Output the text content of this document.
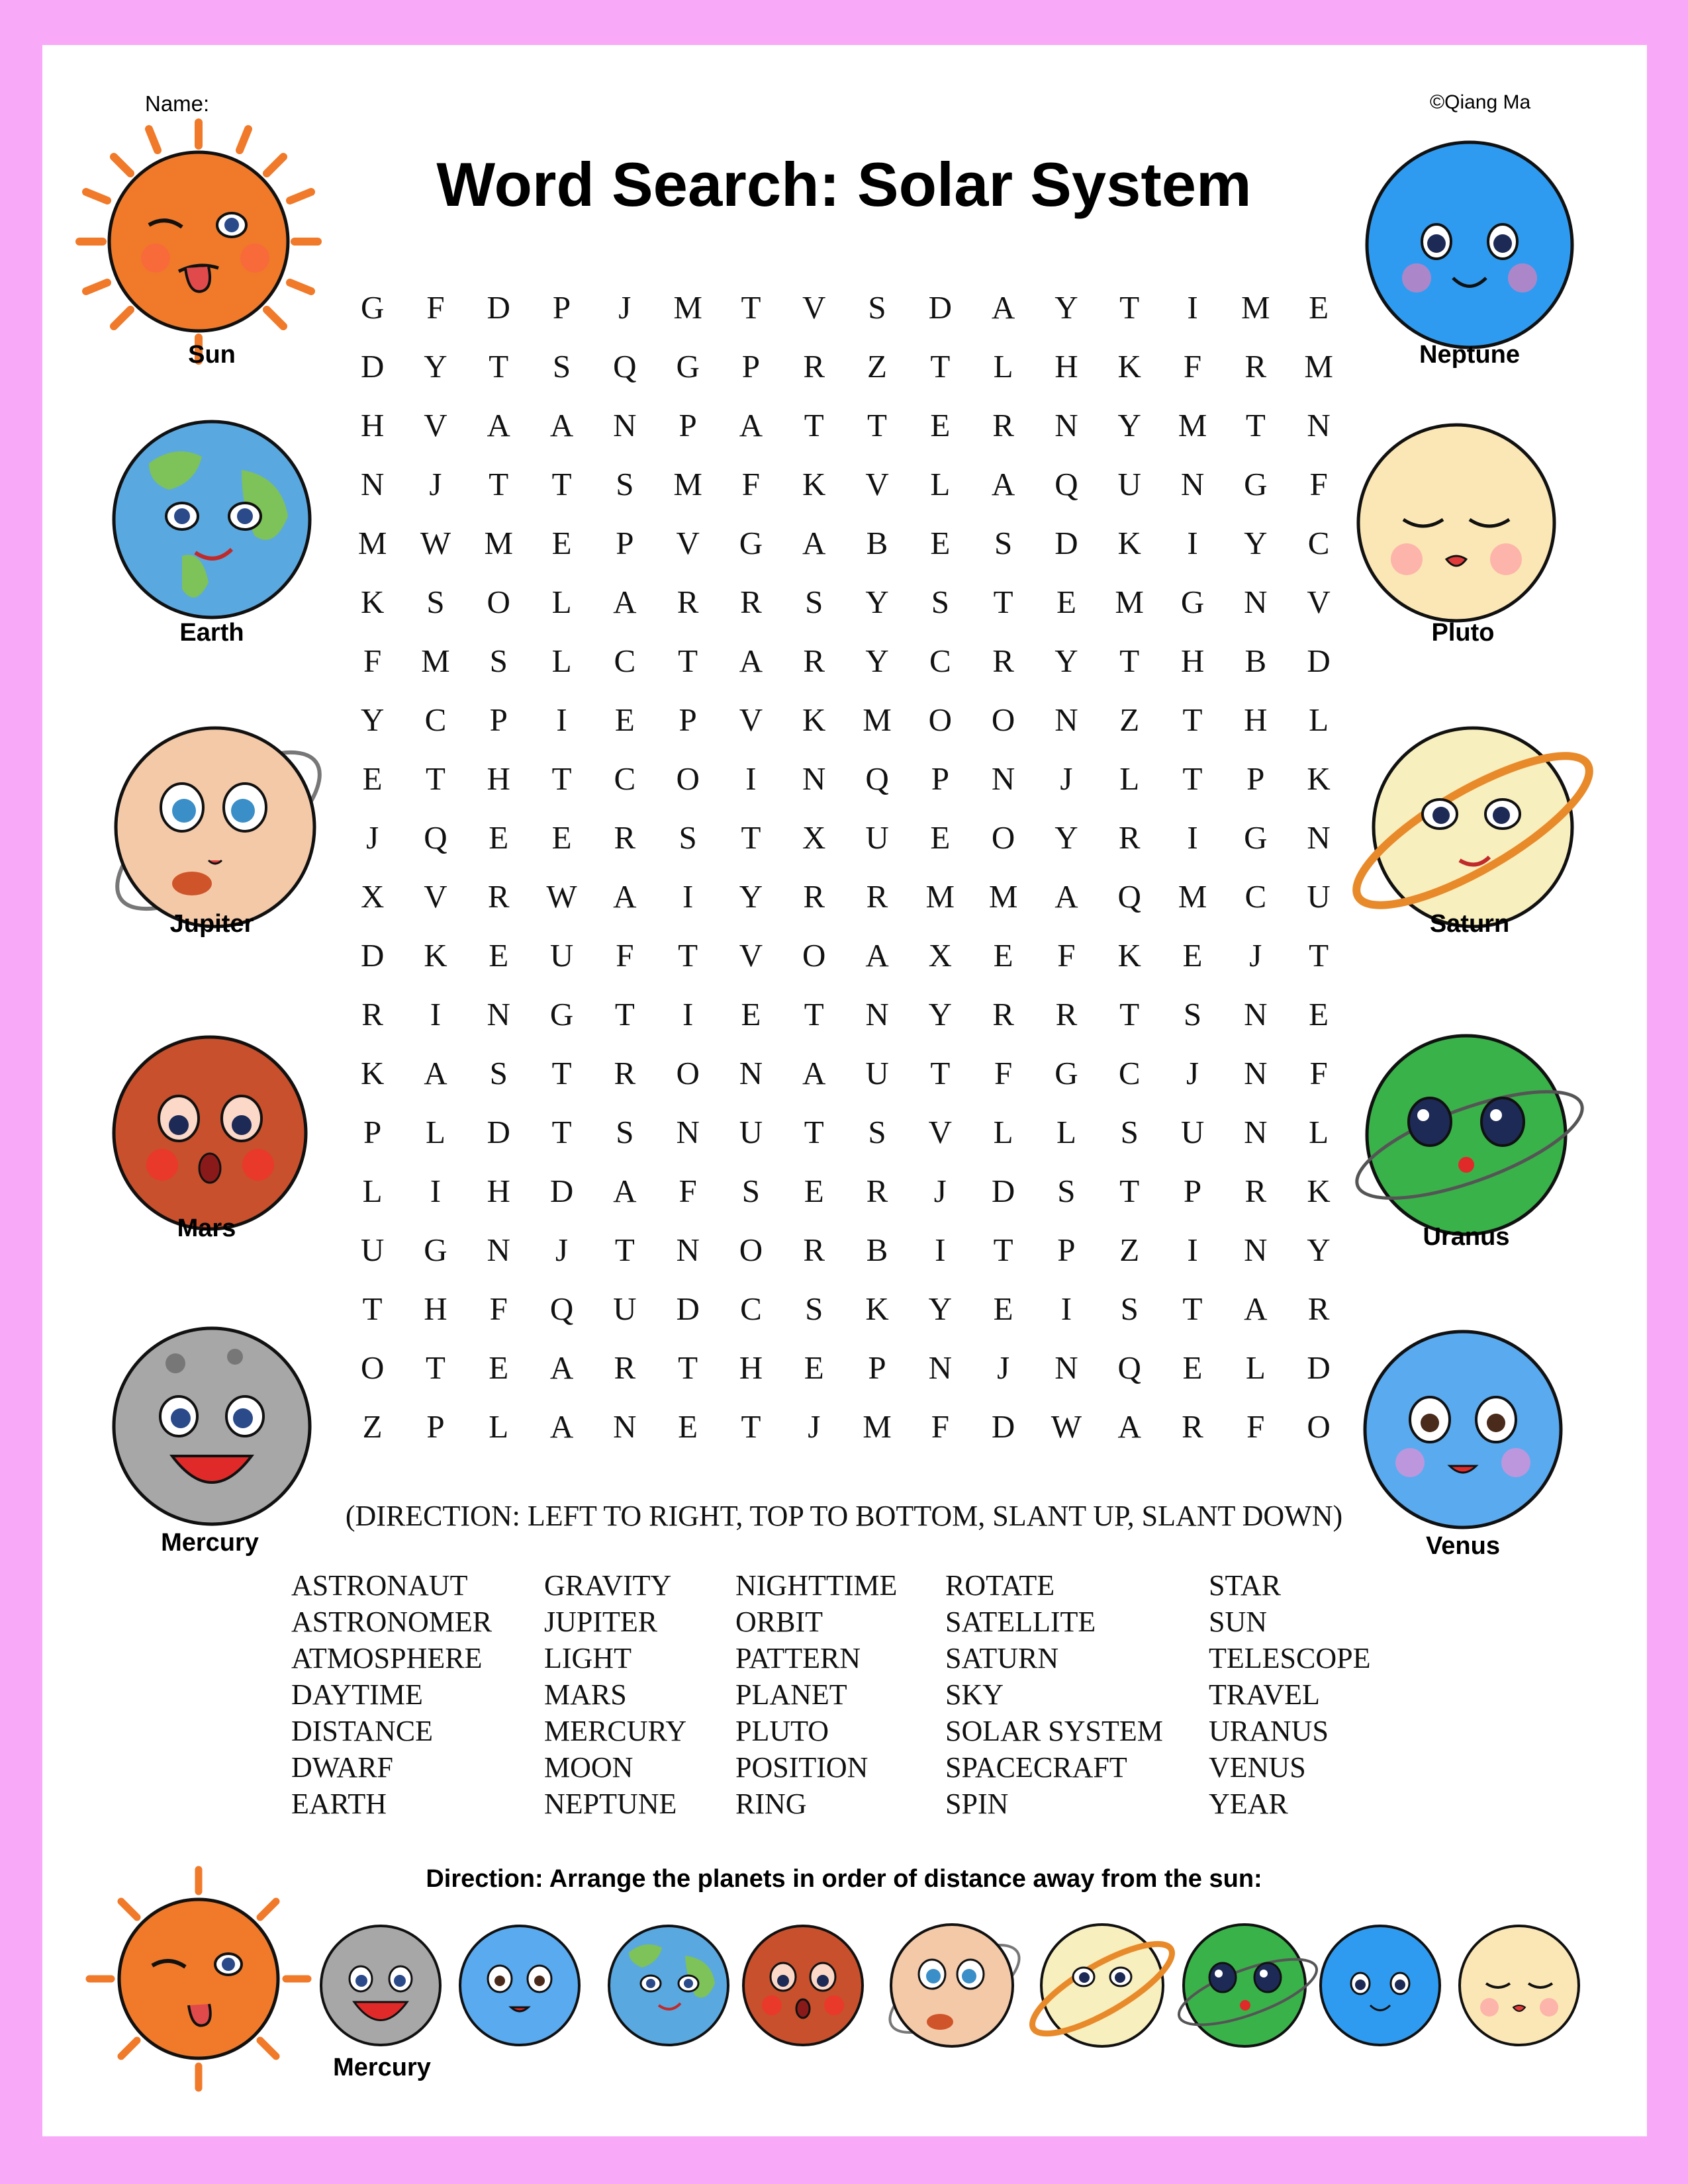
Name:	©Qiang Ma
Word Search: Solar System
G	F	D	P	J	M	T	V	S	D	A	Y	T	I	M	E
D	Y	T	S	Q	G	P	R	Z	T	L	H	K	F	R	M
H	V	A	A	N	P	A	T	T	E	R	N	Y	M	T	N
N	J	T	T	S	M	F	K	V	L	A	Q	U	N	G	F
M	W	M	E	P	V	G	A	B	E	S	D	K	I	Y	C
K	S	O	L	A	R	R	S	Y	S	T	E	M	G	N	V
F	M	S	L	C	T	A	R	Y	C	R	Y	T	H	B	D
Y	C	P	I	E	P	V	K	M	O	O	N	Z	T	H	L
E	T	H	T	C	O	I	N	Q	P	N	J	L	T	P	K
J	Q	E	E	R	S	T	X	U	E	O	Y	R	I	G	N
X	V	R	W	A	I	Y	R	R	M	M	A	Q	M	C	U
D	K	E	U	F	T	V	O	A	X	E	F	K	E	J	T
R	I	N	G	T	I	E	T	N	Y	R	R	T	S	N	E
K	A	S	T	R	O	N	A	U	T	F	G	C	J	N	F
P	L	D	T	S	N	U	T	S	V	L	L	S	U	N	L
L	I	H	D	A	F	S	E	R	J	D	S	T	P	R	K
U	G	N	J	T	N	O	R	B	I	T	P	Z	I	N	Y
T	H	F	Q	U	D	C	S	K	Y	E	I	S	T	A	R
O	T	E	A	R	T	H	E	P	N	J	N	Q	E	L	D
Z	P	L	A	N	E	T	J	M	F	D	W	A	R	F	O
(DIRECTION: LEFT TO RIGHT, TOP TO BOTTOM, SLANT UP, SLANT DOWN)
ASTRONAUT
ASTRONOMER
ATMOSPHERE
DAYTIME
DISTANCE
DWARF
EARTH
GRAVITY
JUPITER
LIGHT
MARS
MERCURY
MOON
NEPTUNE
NIGHTTIME
ORBIT
PATTERN
PLANET
PLUTO
POSITION
RING
ROTATE
SATELLITE
SATURN
SKY
SOLAR SYSTEM
SPACECRAFT
SPIN
STAR
SUN
TELESCOPE
TRAVEL
URANUS
VENUS
YEAR
Direction: Arrange the planets in order of distance away from the sun:
Sun	Neptune
Earth	Pluto
Jupiter	Saturn
Mars	Uranus
Mercury	Venus
Mercury
